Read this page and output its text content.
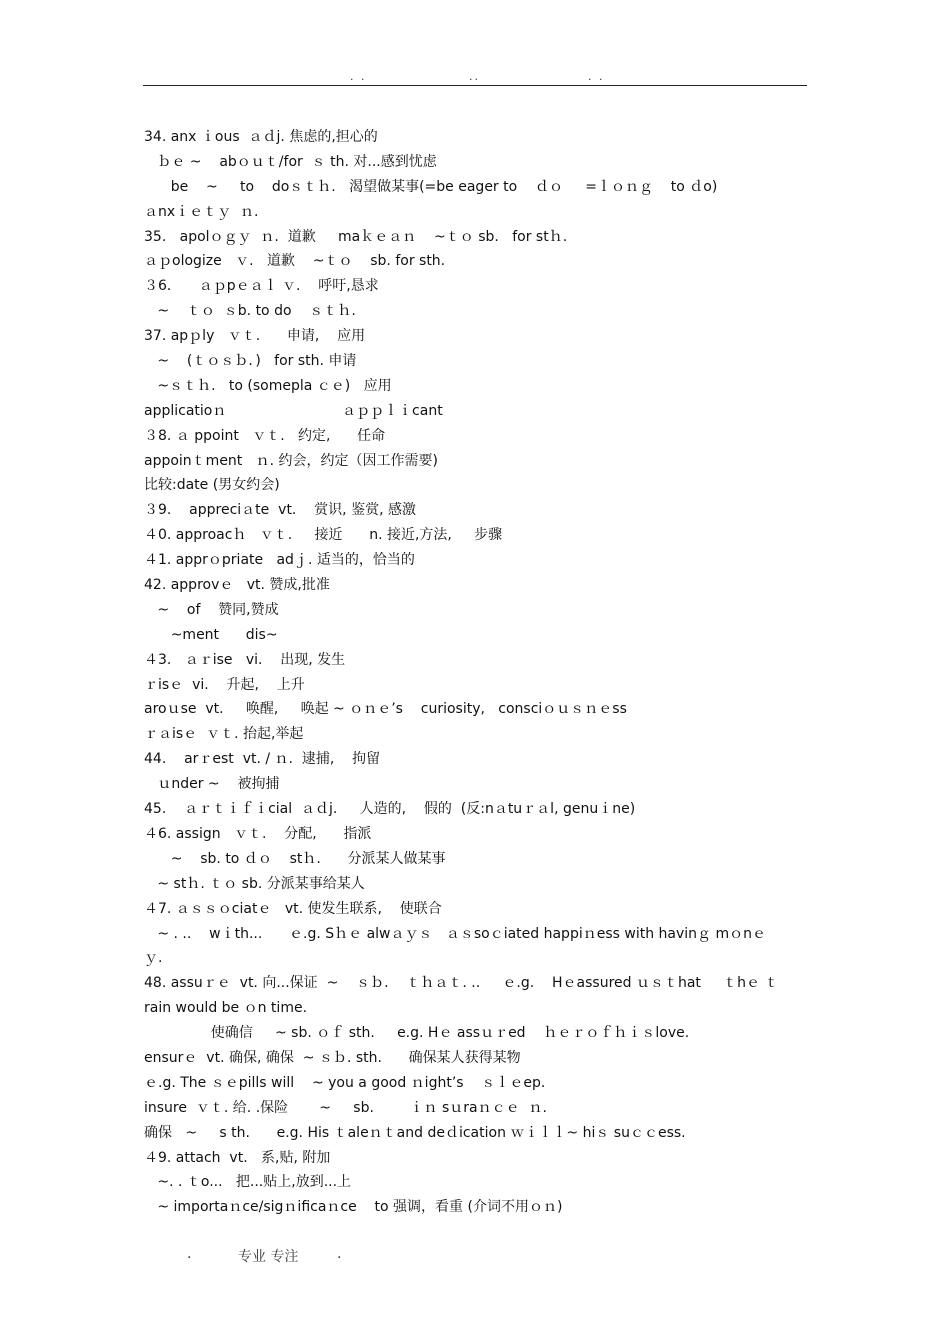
. .	..	. .
34. anx ｉous  ａｄj. 焦虑的,担心的
ｂｅ ~    abｏｕｔ/for  ｓ th. 对...感到忧虑
be    ~     to    doｓｔｈ.   渴望做某事(=be eager to    ｄｏ     =ｌｏｎｇ    to ｄo)
ａnxｉｅｔｙ  ｎ.
35.   apolｏｇｙ  ｎ.  道歉     maｋｅａｎ    ~ｔｏ sb.   for stｈ.
ａｐologize   ｖ.   道歉    ~ｔｏ    sb. for sth.
３6．    ａｐpｅａｌ ｖ.    呼吁,恳求
~    ｔｏ  ｓb. to do    ｓｔｈ.
37. apｐly   ｖｔ.      申请,    应用
~    (ｔｏｓｂ．)   for sth. 申请
~ｓｔｈ.   to (somepla ｃｅ)   应用
applicatioｎ                          ａｐｐｌｉcant
３8. ａ ppoint   ｖｔ.   约定,      任命
appoinｔment   ｎ. 约会，约定（因工作需要)
比较:date (男女约会)
３9.    appreciａte  vt.    赏识, 鉴赏, 感激
４0. approacｈ   ｖｔ.     接近      n. 接近,方法,     步骤
４1. apprｏpriate   adｊ. 适当的，恰当的
42. approvｅ   vt. 赞成,批准
~    of    赞同,赞成
~ment      dis~
４3.   ａｒise   vi.    出现, 发生
ｒisｅ  vi.    升起,    上升
aroｕse  vt.     唤醒,     唤起 ~ ｏｎｅ’s    curiosity,   consciｏｕｓｎｅss
ｒａisｅ  ｖｔ. 抬起,举起
44.    arｒest  vt. / ｎ.  逮捕,    拘留
ｕnder ~    被拘捕
45.    ａｒｔｉｆｉcial  ａｄj.     人造的,    假的  (反:nａtuｒａl, genuｉne)
４6. assign   ｖｔ.    分配,      指派
~    sb. to ｄｏ    stｈ.      分派某人做某事
~ stｈ. ｔｏ sb. 分派某事给某人
４7. ａｓｓｏciatｅ   vt. 使发生联系,    使联合
~ . ..    wｉth...      ｅ.g. Sｈｅ alwａｙｓ   ａｓsoｃiated happiｎess with havinｇ mｏnｅ
ｙ.
48. assuｒｅ  vt. 向...保证  ~    ｓｂ.    ｔｈａｔ. ..     ｅ.g.    Hｅassured ｕｓｔhat     ｔhｅ ｔ
rain would be ｏn time.
使确信     ~ sb. ｏｆ sth.     e.g. Hｅ assｕｒed    ｈｅｒｏｆｈｉｓlove.
ensurｅ  vt. 确保, 确保  ~ ｓｂ. sth.      确保某人获得某物
ｅ.g. The ｓｅpills will    ~ you a good ｎight’s    ｓｌｅep.
insure  ｖｔ. 给. .保险       ~     sb.        ｉｎ sｕraｎｃｅ  ｎ.
确保   ~     s th.      e.g. His ｔaleｎｔand deｄication ｗｉｌｌ~ hiｓ suｃｃess.
４9. attach  vt.   系,贴, 附加
~. . ｔo...   把...贴上,放到...上
~ importaｎce/sigｎificaｎce    to 强调，看重 (介词不用ｏｎ)
.	专业 专注	.
